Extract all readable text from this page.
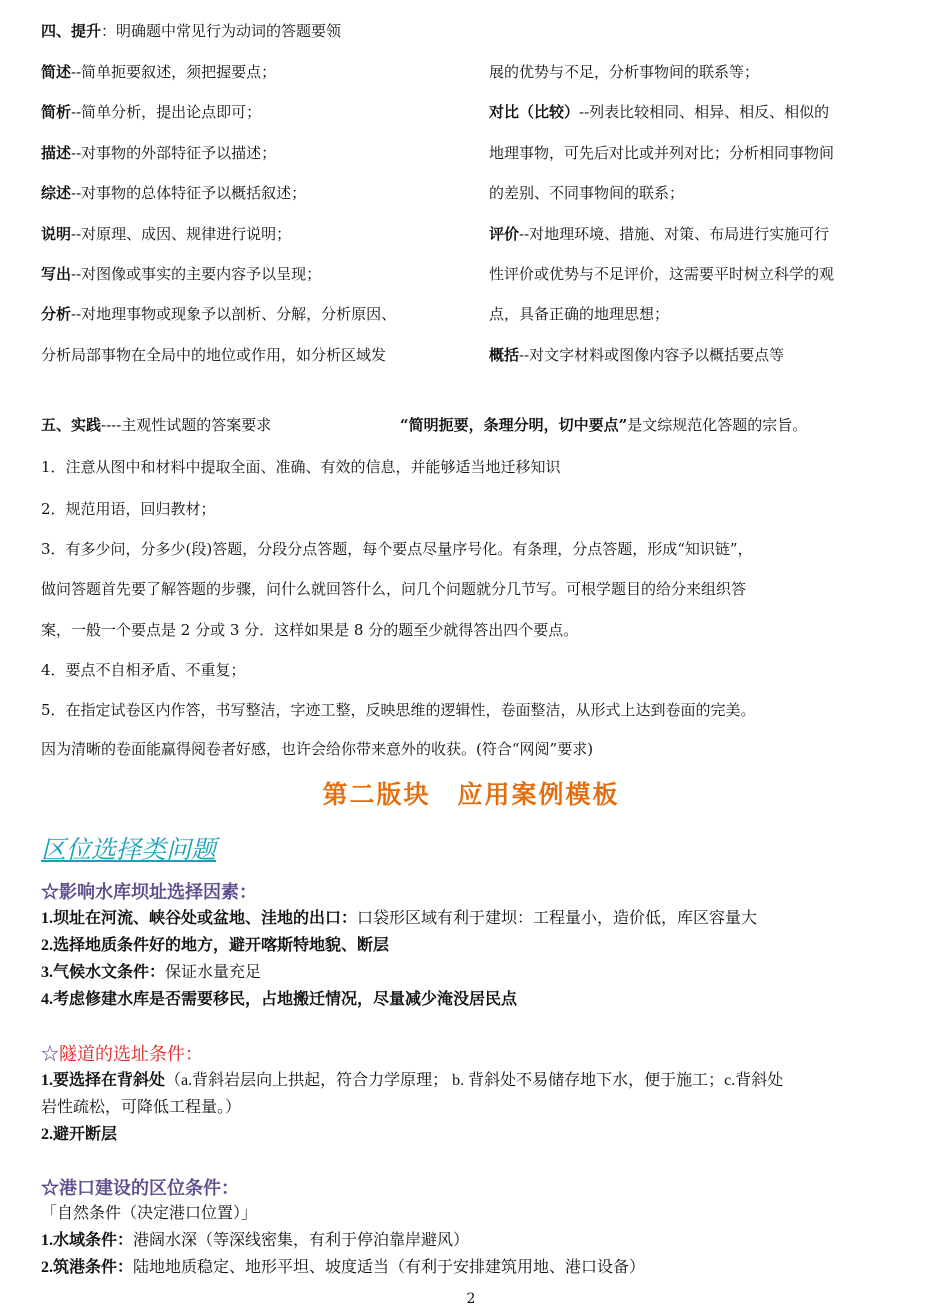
四、提升：明确题中常见行为动词的答题要领
简述--简单扼要叙述，须把握要点；
简析--简单分析，提出论点即可；
描述--对事物的外部特征予以描述；
综述--对事物的总体特征予以概括叙述；
说明--对原理、成因、规律进行说明；
写出--对图像或事实的主要内容予以呈现；
分析--对地理事物或现象予以剖析、分解，分析原因、
分析局部事物在全局中的地位或作用，如分析区域发
展的优势与不足，分析事物间的联系等；
对比（比较）--列表比较相同、相异、相反、相似的
地理事物，可先后对比或并列对比；分析相同事物间
的差别、不同事物间的联系；
评价--对地理环境、措施、对策、布局进行实施可行
性评价或优势与不足评价，这需要平时树立科学的观
点，具备正确的地理思想；
概括--对文字材料或图像内容予以概括要点等
五、实践----主观性试题的答案要求	“简明扼要，条理分明，切中要点”是文综规范化答题的宗旨。
1．注意从图中和材料中提取全面、准确、有效的信息，并能够适当地迁移知识
2．规范用语，回归教材；
3．有多少问，分多少(段)答题，分段分点答题，每个要点尽量序号化。有条理，分点答题，形成“知识链”，
做问答题首先要了解答题的步骤，问什么就回答什么，问几个问题就分几节写。可根学题目的给分来组织答
案，一般一个要点是 2 分或 3 分．这样如果是 8 分的题至少就得答出四个要点。
4．要点不自相矛盾、不重复；
5．在指定试卷区内作答，书写整洁，字迹工整，反映思维的逻辑性，卷面整洁，从形式上达到卷面的完美。
因为清晰的卷面能赢得阅卷者好感，也许会给你带来意外的收获。(符合“网阅”要求)
第二版块　应用案例模板
区位选择类问题
☆影响水库坝址选择因素：
1.坝址在河流、峡谷处或盆地、洼地的出口：口袋形区域有利于建坝：工程量小，造价低，库区容量大
2.选择地质条件好的地方，避开喀斯特地貌、断层
3.气候水文条件：保证水量充足
4.考虑修建水库是否需要移民，占地搬迁情况，尽量减少淹没居民点
☆隧道的选址条件：
1.要选择在背斜处（a.背斜岩层向上拱起，符合力学原理； b. 背斜处不易储存地下水，便于施工；c.背斜处
岩性疏松，可降低工程量。）
2.避开断层
☆港口建设的区位条件：
「自然条件（决定港口位置）」
1.水域条件：港阔水深（等深线密集，有利于停泊靠岸避风）
2.筑港条件：陆地地质稳定、地形平坦、坡度适当（有利于安排建筑用地、港口设备）
2
